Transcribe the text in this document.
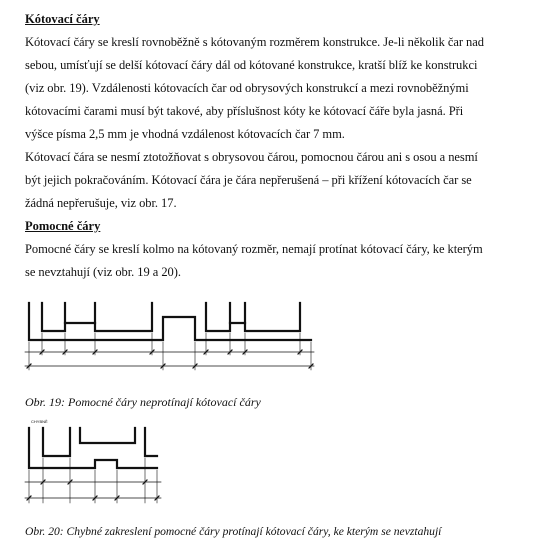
Kótovací čáry
Kótovací čáry se kreslí rovnoběžně s kótovaným rozměrem konstrukce. Je-li několik čar nad
sebou, umísťují se delší kótovací čáry dál od kótované konstrukce, kratší blíž ke konstrukci
(viz obr. 19). Vzdálenosti kótovacích čar od obrysových konstrukcí a mezi rovnoběžnými
kótovacími čarami musí být takové, aby příslušnost kóty ke kótovací čáře byla jasná. Při
výšce písma 2,5 mm je vhodná vzdálenost kótovacích čar 7 mm.
Kótovací čára se nesmí ztotožňovat s obrysovou čárou, pomocnou čárou ani s osou a nesmí
být jejich pokračováním. Kótovací čára je čára nepřerušená – při křížení kótovacích čar se
žádná nepřerušuje, viz obr. 17.
Pomocné čáry
Pomocné čáry se kreslí kolmo na kótovaný rozměr, nemají protínat kótovací čáry, ke kterým
se nevztahují (viz obr. 19 a 20).
Obr. 19: Pomocné čáry neprotínají kótovací čáry
CHYBNĚ
Obr. 20: Chybné zakreslení pomocné čáry protínají kótovací čáry, ke kterým se nevztahují
